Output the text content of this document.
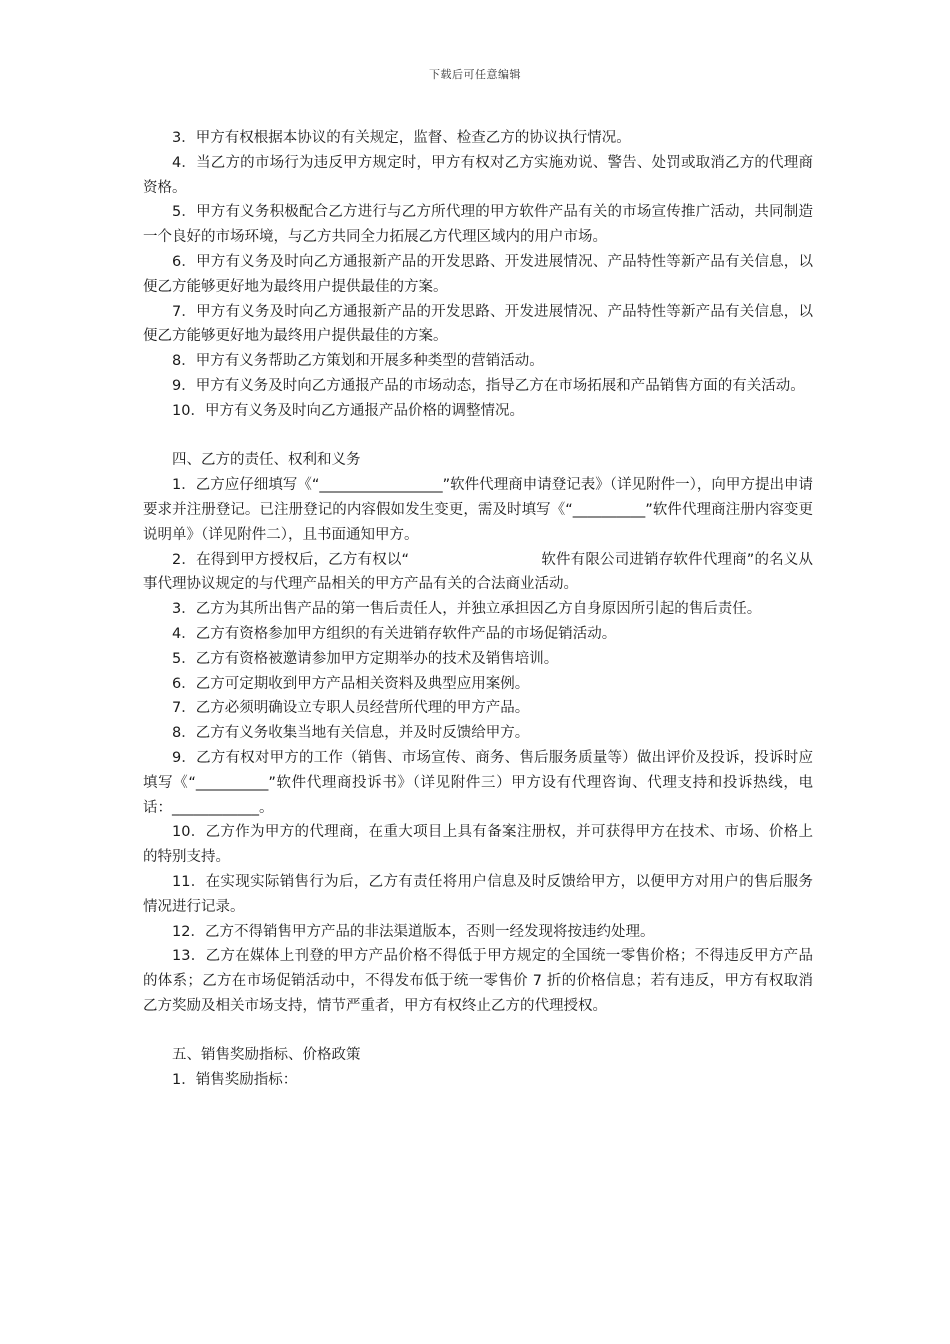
下载后可任意编辑

3．甲方有权根据本协议的有关规定，监督、检查乙方的协议执行情况。

4．当乙方的市场行为违反甲方规定时，甲方有权对乙方实施劝说、警告、处罚或取消乙方的代理商资格。

5．甲方有义务积极配合乙方进行与乙方所代理的甲方软件产品有关的市场宣传推广活动，共同制造一个良好的市场环境，与乙方共同全力拓展乙方代理区域内的用户市场。

6．甲方有义务及时向乙方通报新产品的开发思路、开发进展情况、产品特性等新产品有关信息，以便乙方能够更好地为最终用户提供最佳的方案。

7．甲方有义务及时向乙方通报新产品的开发思路、开发进展情况、产品特性等新产品有关信息，以便乙方能够更好地为最终用户提供最佳的方案。

8．甲方有义务帮助乙方策划和开展多种类型的营销活动。

9．甲方有义务及时向乙方通报产品的市场动态，指导乙方在市场拓展和产品销售方面的有关活动。

10．甲方有义务及时向乙方通报产品价格的调整情况。

四、乙方的责任、权利和义务

1．乙方应仔细填写《“_________________”软件代理商申请登记表》（详见附件一），向甲方提出申请要求并注册登记。已注册登记的内容假如发生变更，需及时填写《“__________”软件代理商注册内容变更说明单》（详见附件二），且书面通知甲方。

2．在得到甲方授权后，乙方有权以“　　　　　　　　　软件有限公司进销存软件代理商”的名义从事代理协议规定的与代理产品相关的甲方产品有关的合法商业活动。

3．乙方为其所出售产品的第一售后责任人，并独立承担因乙方自身原因所引起的售后责任。

4．乙方有资格参加甲方组织的有关进销存软件产品的市场促销活动。

5．乙方有资格被邀请参加甲方定期举办的技术及销售培训。

6．乙方可定期收到甲方产品相关资料及典型应用案例。

7．乙方必须明确设立专职人员经营所代理的甲方产品。

8．乙方有义务收集当地有关信息，并及时反馈给甲方。

9．乙方有权对甲方的工作（销售、市场宣传、商务、售后服务质量等）做出评价及投诉，投诉时应填写《“__________”软件代理商投诉书》（详见附件三）甲方设有代理咨询、代理支持和投诉热线，电话：____________。

10．乙方作为甲方的代理商，在重大项目上具有备案注册权，并可获得甲方在技术、市场、价格上的特别支持。

11．在实现实际销售行为后，乙方有责任将用户信息及时反馈给甲方，以便甲方对用户的售后服务情况进行记录。

12．乙方不得销售甲方产品的非法渠道版本，否则一经发现将按违约处理。

13．乙方在媒体上刊登的甲方产品价格不得低于甲方规定的全国统一零售价格；不得违反甲方产品的体系；乙方在市场促销活动中，不得发布低于统一零售价 7 折的价格信息；若有违反，甲方有权取消乙方奖励及相关市场支持，情节严重者，甲方有权终止乙方的代理授权。

五、销售奖励指标、价格政策

1．销售奖励指标：
